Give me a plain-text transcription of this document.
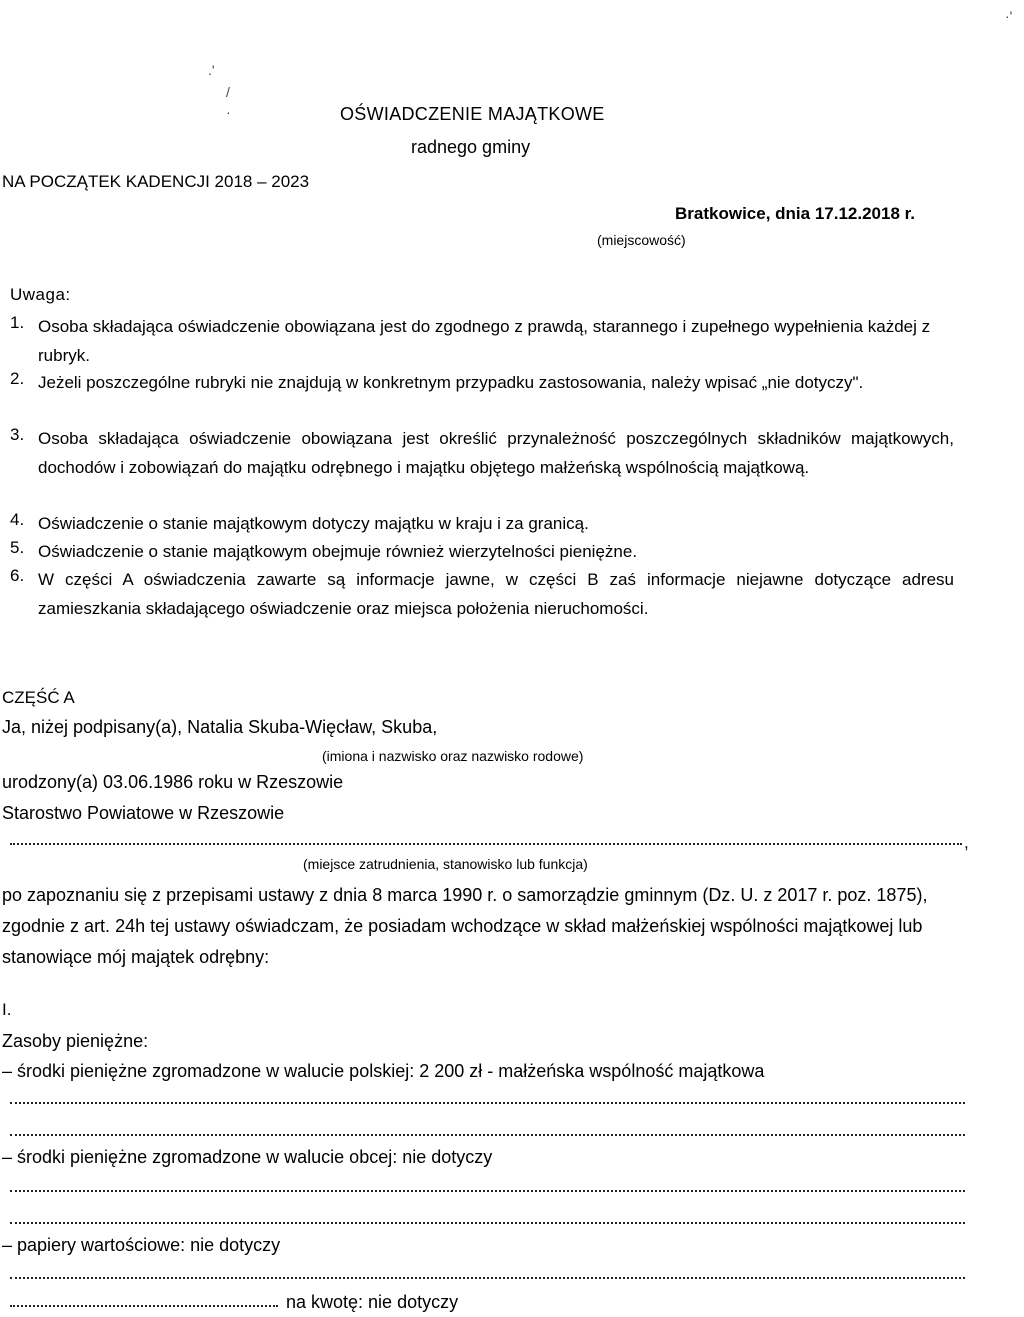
.'
/
·
·'
OŚWIADCZENIE MAJĄTKOWE
radnego gminy
NA POCZĄTEK KADENCJI 2018 – 2023
Bratkowice, dnia 17.12.2018 r.
(miejscowość)
Uwaga:
1. Osoba składająca oświadczenie obowiązana jest do zgodnego z prawdą, starannego i zupełnego wypełnienia każdej z rubryk.
2. Jeżeli poszczególne rubryki nie znajdują w konkretnym przypadku zastosowania, należy wpisać „nie dotyczy".
3. Osoba składająca oświadczenie obowiązana jest określić przynależność poszczególnych składników majątkowych, dochodów i zobowiązań do majątku odrębnego i majątku objętego małżeńską wspólnością majątkową.
4. Oświadczenie o stanie majątkowym dotyczy majątku w kraju i za granicą.
5. Oświadczenie o stanie majątkowym obejmuje również wierzytelności pieniężne.
6. W części A oświadczenia zawarte są informacje jawne, w części B zaś informacje niejawne dotyczące adresu zamieszkania składającego oświadczenie oraz miejsca położenia nieruchomości.
CZĘŚĆ A
Ja, niżej podpisany(a), Natalia Skuba-Więcław, Skuba,
(imiona i nazwisko oraz nazwisko rodowe)
urodzony(a) 03.06.1986 roku w Rzeszowie
Starostwo Powiatowe w Rzeszowie
,
(miejsce zatrudnienia, stanowisko lub funkcja)
po zapoznaniu się z przepisami ustawy z dnia 8 marca 1990 r. o samorządzie gminnym (Dz. U. z 2017 r. poz. 1875), zgodnie z art. 24h tej ustawy oświadczam, że posiadam wchodzące w skład małżeńskiej wspólności majątkowej lub stanowiące mój majątek odrębny:
I.
Zasoby pieniężne:
– środki pieniężne zgromadzone w walucie polskiej: 2 200 zł - małżeńska wspólność majątkowa
– środki pieniężne zgromadzone w walucie obcej: nie dotyczy
– papiery wartościowe: nie dotyczy
na kwotę: nie dotyczy
